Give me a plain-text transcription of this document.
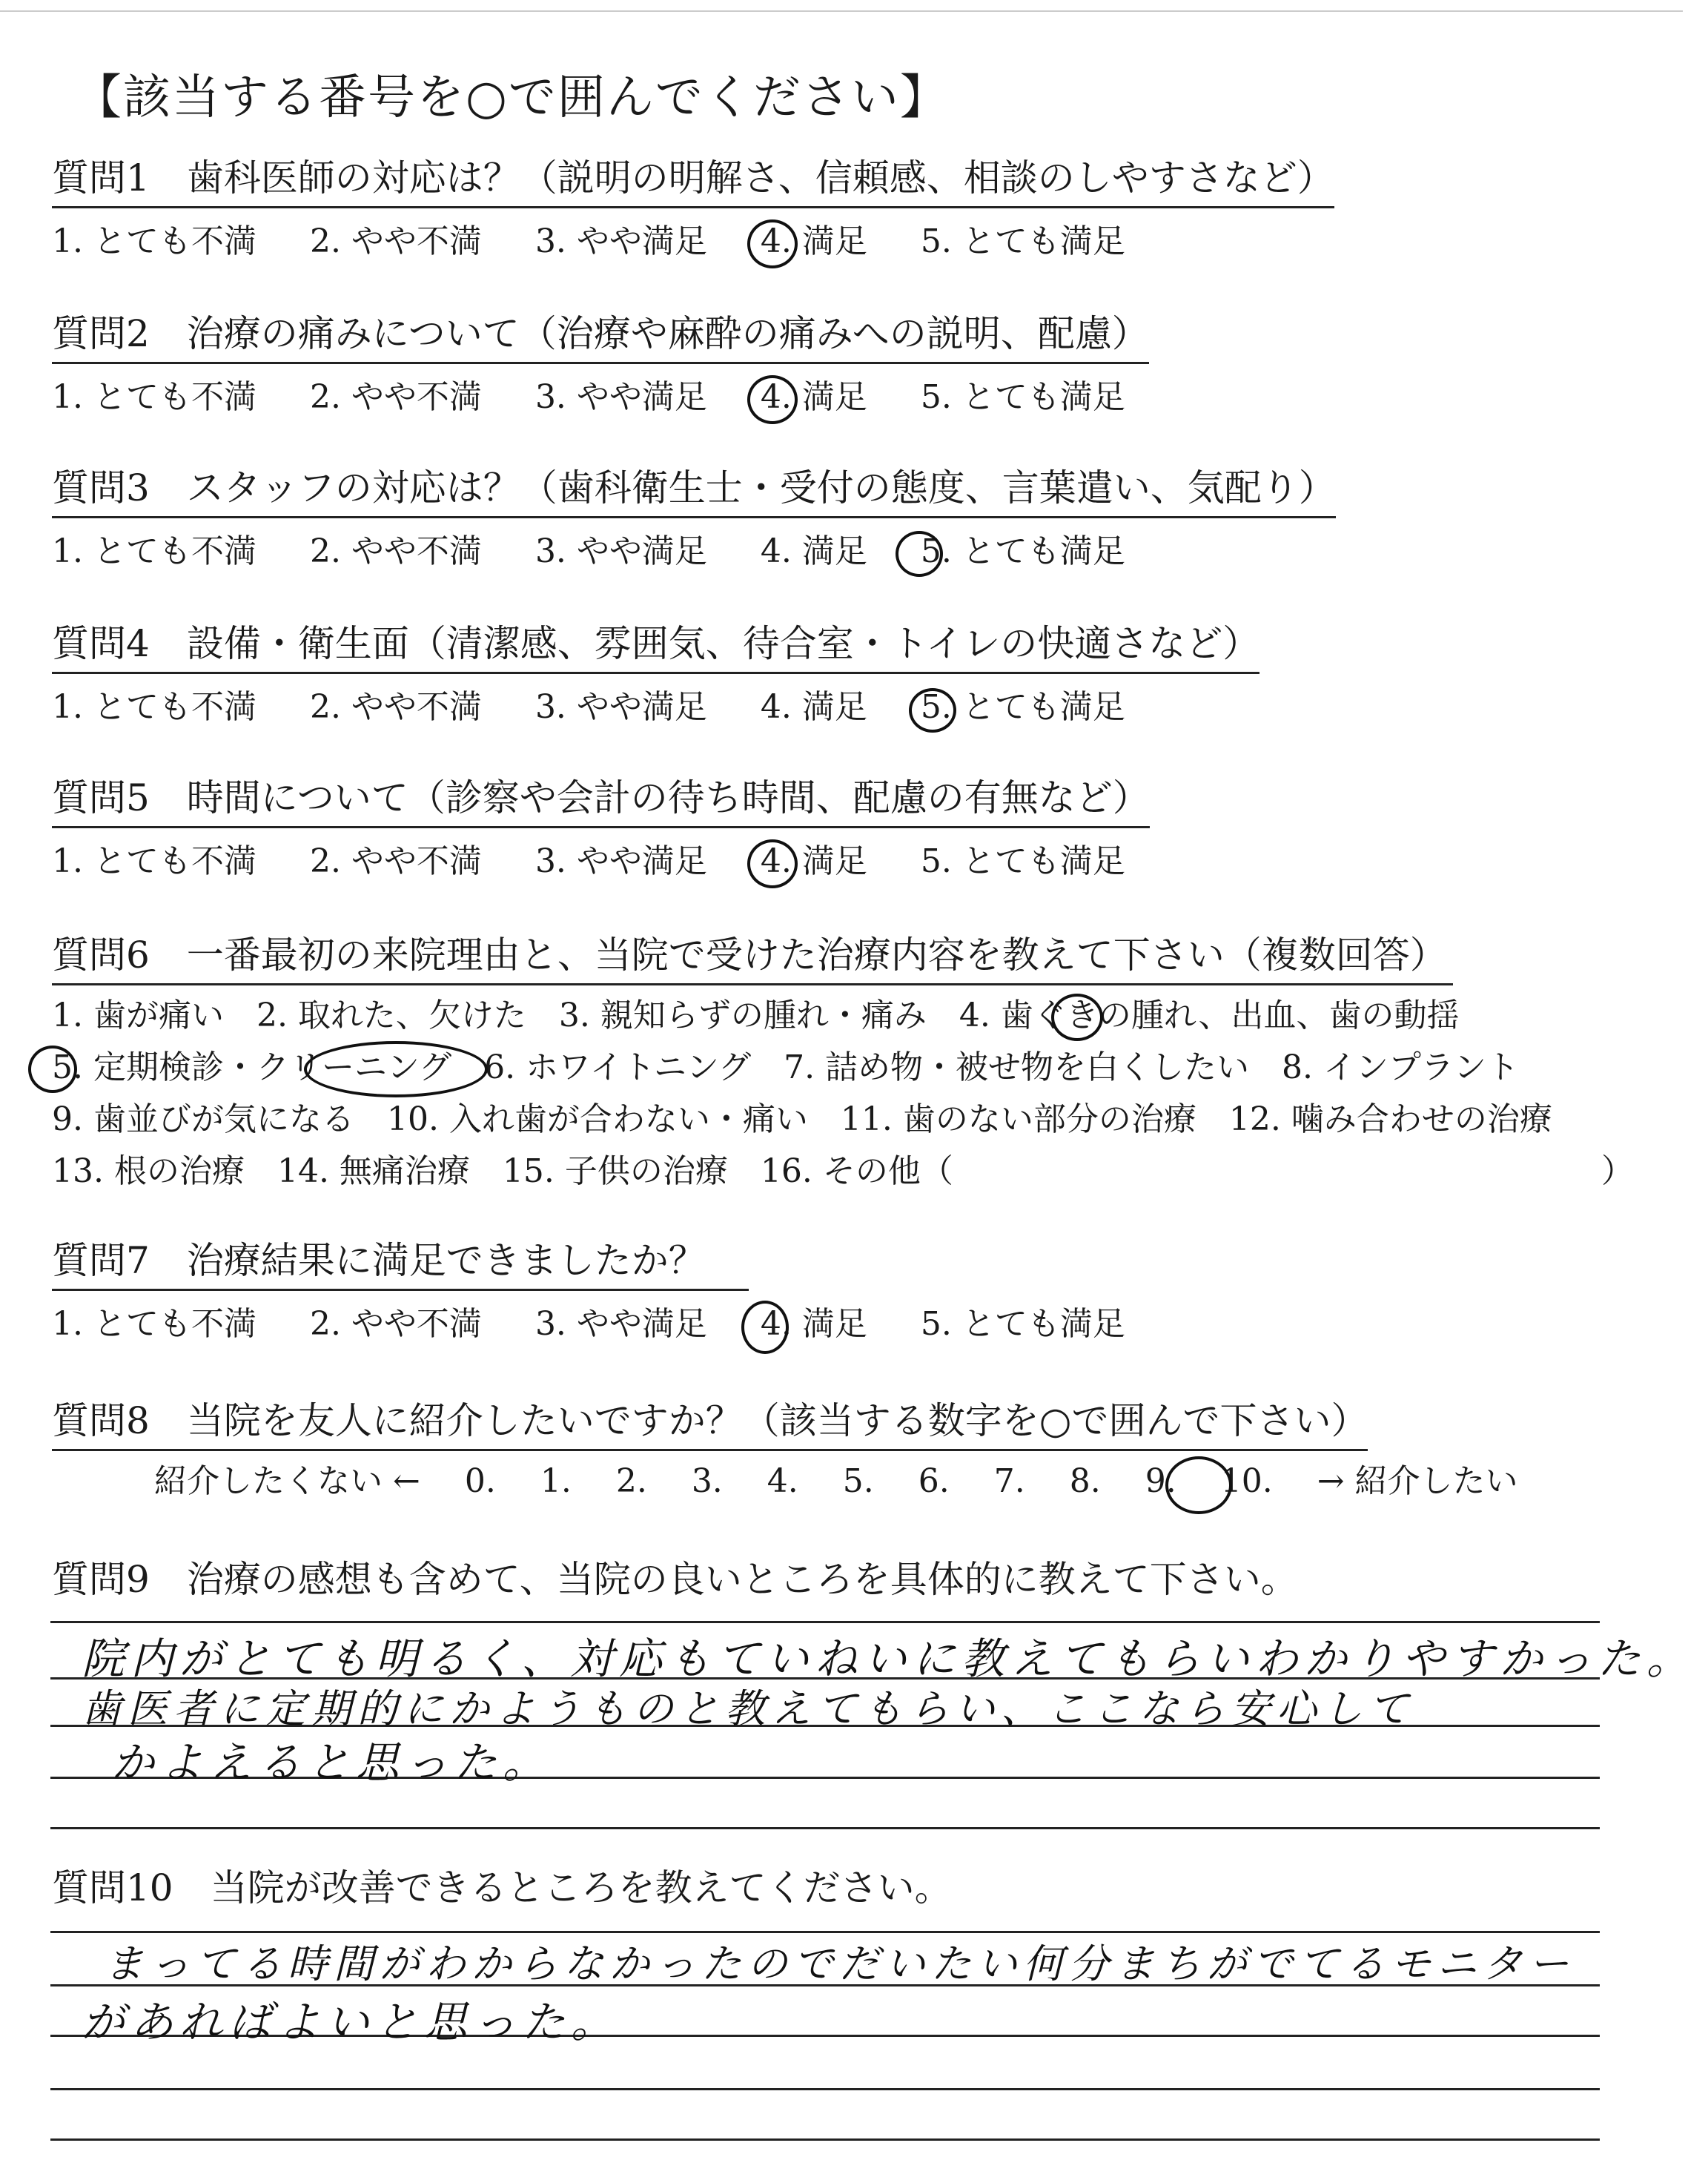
【該当する番号を○で囲んでください】
質問1　歯科医師の対応は？（説明の明解さ、信頼感、相談のしやすさなど）
1. とても不満 2. やや不満 3. やや満足 4. 満足 5. とても満足
質問2　治療の痛みについて（治療や麻酔の痛みへの説明、配慮）
1. とても不満 2. やや不満 3. やや満足 4. 満足 5. とても満足
質問3　スタッフの対応は？（歯科衛生士・受付の態度、言葉遣い、気配り）
1. とても不満 2. やや不満 3. やや満足 4. 満足 5. とても満足
質問4　設備・衛生面（清潔感、雰囲気、待合室・トイレの快適さなど）
1. とても不満 2. やや不満 3. やや満足 4. 満足 5. とても満足
質問5　時間について（診察や会計の待ち時間、配慮の有無など）
1. とても不満 2. やや不満 3. やや満足 4. 満足 5. とても満足
質問6　一番最初の来院理由と、当院で受けた治療内容を教えて下さい（複数回答）
1. 歯が痛い　2. 取れた、欠けた　3. 親知らずの腫れ・痛み　4. 歯ぐきの腫れ、出血、歯の動揺
5. 定期検診・クリーニング　6. ホワイトニング　7. 詰め物・被せ物を白くしたい　8. インプラント
9. 歯並びが気になる　10. 入れ歯が合わない・痛い　11. 歯のない部分の治療　12. 噛み合わせの治療
13. 根の治療　14. 無痛治療　15. 子供の治療　16. その他（	）
質問7　治療結果に満足できましたか？
1. とても不満 2. やや不満 3. やや満足 4. 満足 5. とても満足
質問8　当院を友人に紹介したいですか？（該当する数字を○で囲んで下さい）
紹介したくない ← 0. 1. 2. 3. 4. 5. 6. 7. 8. 9. 10. → 紹介したい
質問9　治療の感想も含めて、当院の良いところを具体的に教えて下さい。
院内がとても明るく、対応もていねいに教えてもらいわかりやすかった。
歯医者に定期的にかようものと教えてもらい、ここなら安心して
かよえると思った。
質問10　当院が改善できるところを教えてください。
まってる時間がわからなかったのでだいたい何分まちがでてるモニター
があればよいと思った。
